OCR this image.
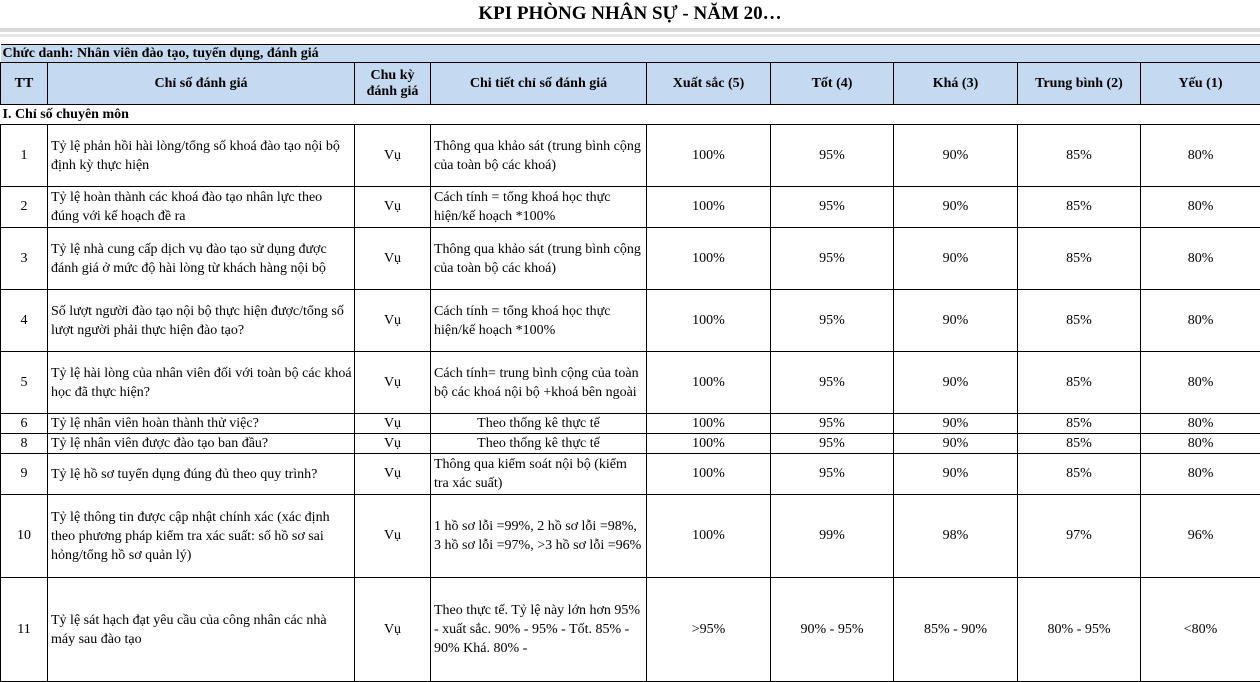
KPI PHÒNG NHÂN SỰ - NĂM 20…
Chức danh: Nhân viên đào tạo, tuyển dụng, đánh giá								
TT	Chỉ số đánh giá	Chu kỳ đánh giá	Chi tiết chỉ số đánh giá	Xuất sắc (5)	Tốt (4)	Khá (3)	Trung bình (2)	Yếu (1)
I. Chỉ số chuyên môn								
1	Tỷ lệ phản hồi hài lòng/tổng số khoá đào tạo nội bộ định kỳ thực hiện	Vụ	Thông qua khảo sát (trung bình cộng của toàn bộ các khoá)	100%	95%	90%	85%	80%
2	Tỷ lệ hoàn thành các khoá đào tạo nhân lực theo đúng với kế hoạch đề ra	Vụ	Cách tính = tổng khoá học thực hiện/kế hoạch *100%	100%	95%	90%	85%	80%
3	Tỷ lệ nhà cung cấp dịch vụ đào tạo sử dụng được đánh giá ở mức độ hài lòng từ khách hàng nội bộ	Vụ	Thông qua khảo sát (trung bình cộng của toàn bộ các khoá)	100%	95%	90%	85%	80%
4	Số lượt người đào tạo nội bộ thực hiện được/tổng số lượt người phải thực hiện đào tạo?	Vụ	Cách tính = tổng khoá học thực hiện/kế hoạch *100%	100%	95%	90%	85%	80%
5	Tỷ lệ hài lòng của nhân viên đối với toàn bộ các khoá học đã thực hiện?	Vụ	Cách tính= trung bình cộng của toàn bộ các khoá nội bộ +khoá bên ngoài	100%	95%	90%	85%	80%
6	Tỷ lệ nhân viên hoàn thành thử việc?	Vụ	Theo thống kê thực tế	100%	95%	90%	85%	80%
8	Tỷ lệ nhân viên được đào tạo ban đầu?	Vụ	Theo thống kê thực tế	100%	95%	90%	85%	80%
9	Tỷ lệ hồ sơ tuyển dụng đúng đủ theo quy trình?	Vụ	Thông qua kiểm soát nội bộ (kiểm tra xác suất)	100%	95%	90%	85%	80%
10	Tỷ lệ thông tin được cập nhật chính xác (xác định theo phương pháp kiểm tra xác suất: số hồ sơ sai hỏng/tổng hồ sơ quản lý)	Vụ	1 hồ sơ lỗi =99%, 2 hồ sơ lỗi =98%, 3 hồ sơ lỗi =97%, >3 hồ sơ lỗi =96%	100%	99%	98%	97%	96%
11	Tỷ lệ sát hạch đạt yêu cầu của công nhân các nhà máy sau đào tạo	Vụ	Theo thực tế. Tỷ lệ này lớn hơn 95% - xuất sắc. 90% - 95% - Tốt. 85% - 90% Khá. 80% -	>95%	90% - 95%	85% - 90%	80% - 95%	<80%
